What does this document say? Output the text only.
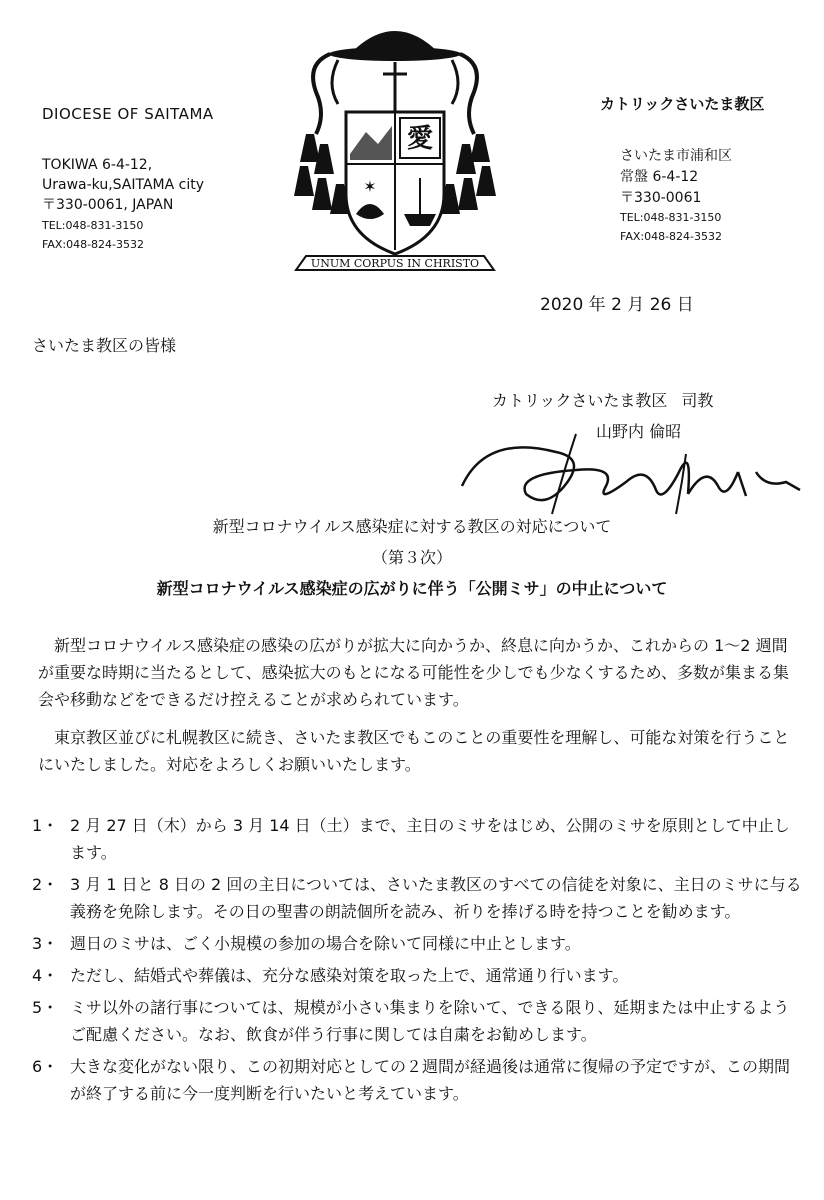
DIOCESE OF SAITAMA
TOKIWA 6-4-12,
Urawa-ku,SAITAMA city
〒330-0061, JAPAN
TEL:048-831-3150
FAX:048-824-3532
愛
✶
UNUM CORPUS IN CHRISTO
カトリックさいたま教区
さいたま市浦和区
常盤 6-4-12
〒330-0061
TEL:048-831-3150
FAX:048-824-3532
2020 年 2 月 26 日
さいたま教区の皆様
カトリックさいたま教区 司教
山野内 倫昭
新型コロナウイルス感染症に対する教区の対応について
（第３次）
新型コロナウイルス感染症の広がりに伴う「公開ミサ」の中止について
新型コロナウイルス感染症の感染の広がりが拡大に向かうか、終息に向かうか、これからの 1～2 週間が重要な時期に当たるとして、感染拡大のもとになる可能性を少しでも少なくするため、多数が集まる集会や移動などをできるだけ控えることが求められています。
東京教区並びに札幌教区に続き、さいたま教区でもこのことの重要性を理解し、可能な対策を行うことにいたしました。対応をよろしくお願いいたします。
1・ 2 月 27 日（木）から 3 月 14 日（土）まで、主日のミサをはじめ、公開のミサを原則として中止します。
2・ 3 月 1 日と 8 日の 2 回の主日については、さいたま教区のすべての信徒を対象に、主日のミサに与る義務を免除します。その日の聖書の朗読個所を読み、祈りを捧げる時を持つことを勧めます。
3・ 週日のミサは、ごく小規模の参加の場合を除いて同様に中止とします。
4・ ただし、結婚式や葬儀は、充分な感染対策を取った上で、通常通り行います。
5・ ミサ以外の諸行事については、規模が小さい集まりを除いて、できる限り、延期または中止するようご配慮ください。なお、飲食が伴う行事に関しては自粛をお勧めします。
6・ 大きな変化がない限り、この初期対応としての２週間が経過後は通常に復帰の予定ですが、この期間が終了する前に今一度判断を行いたいと考えています。
